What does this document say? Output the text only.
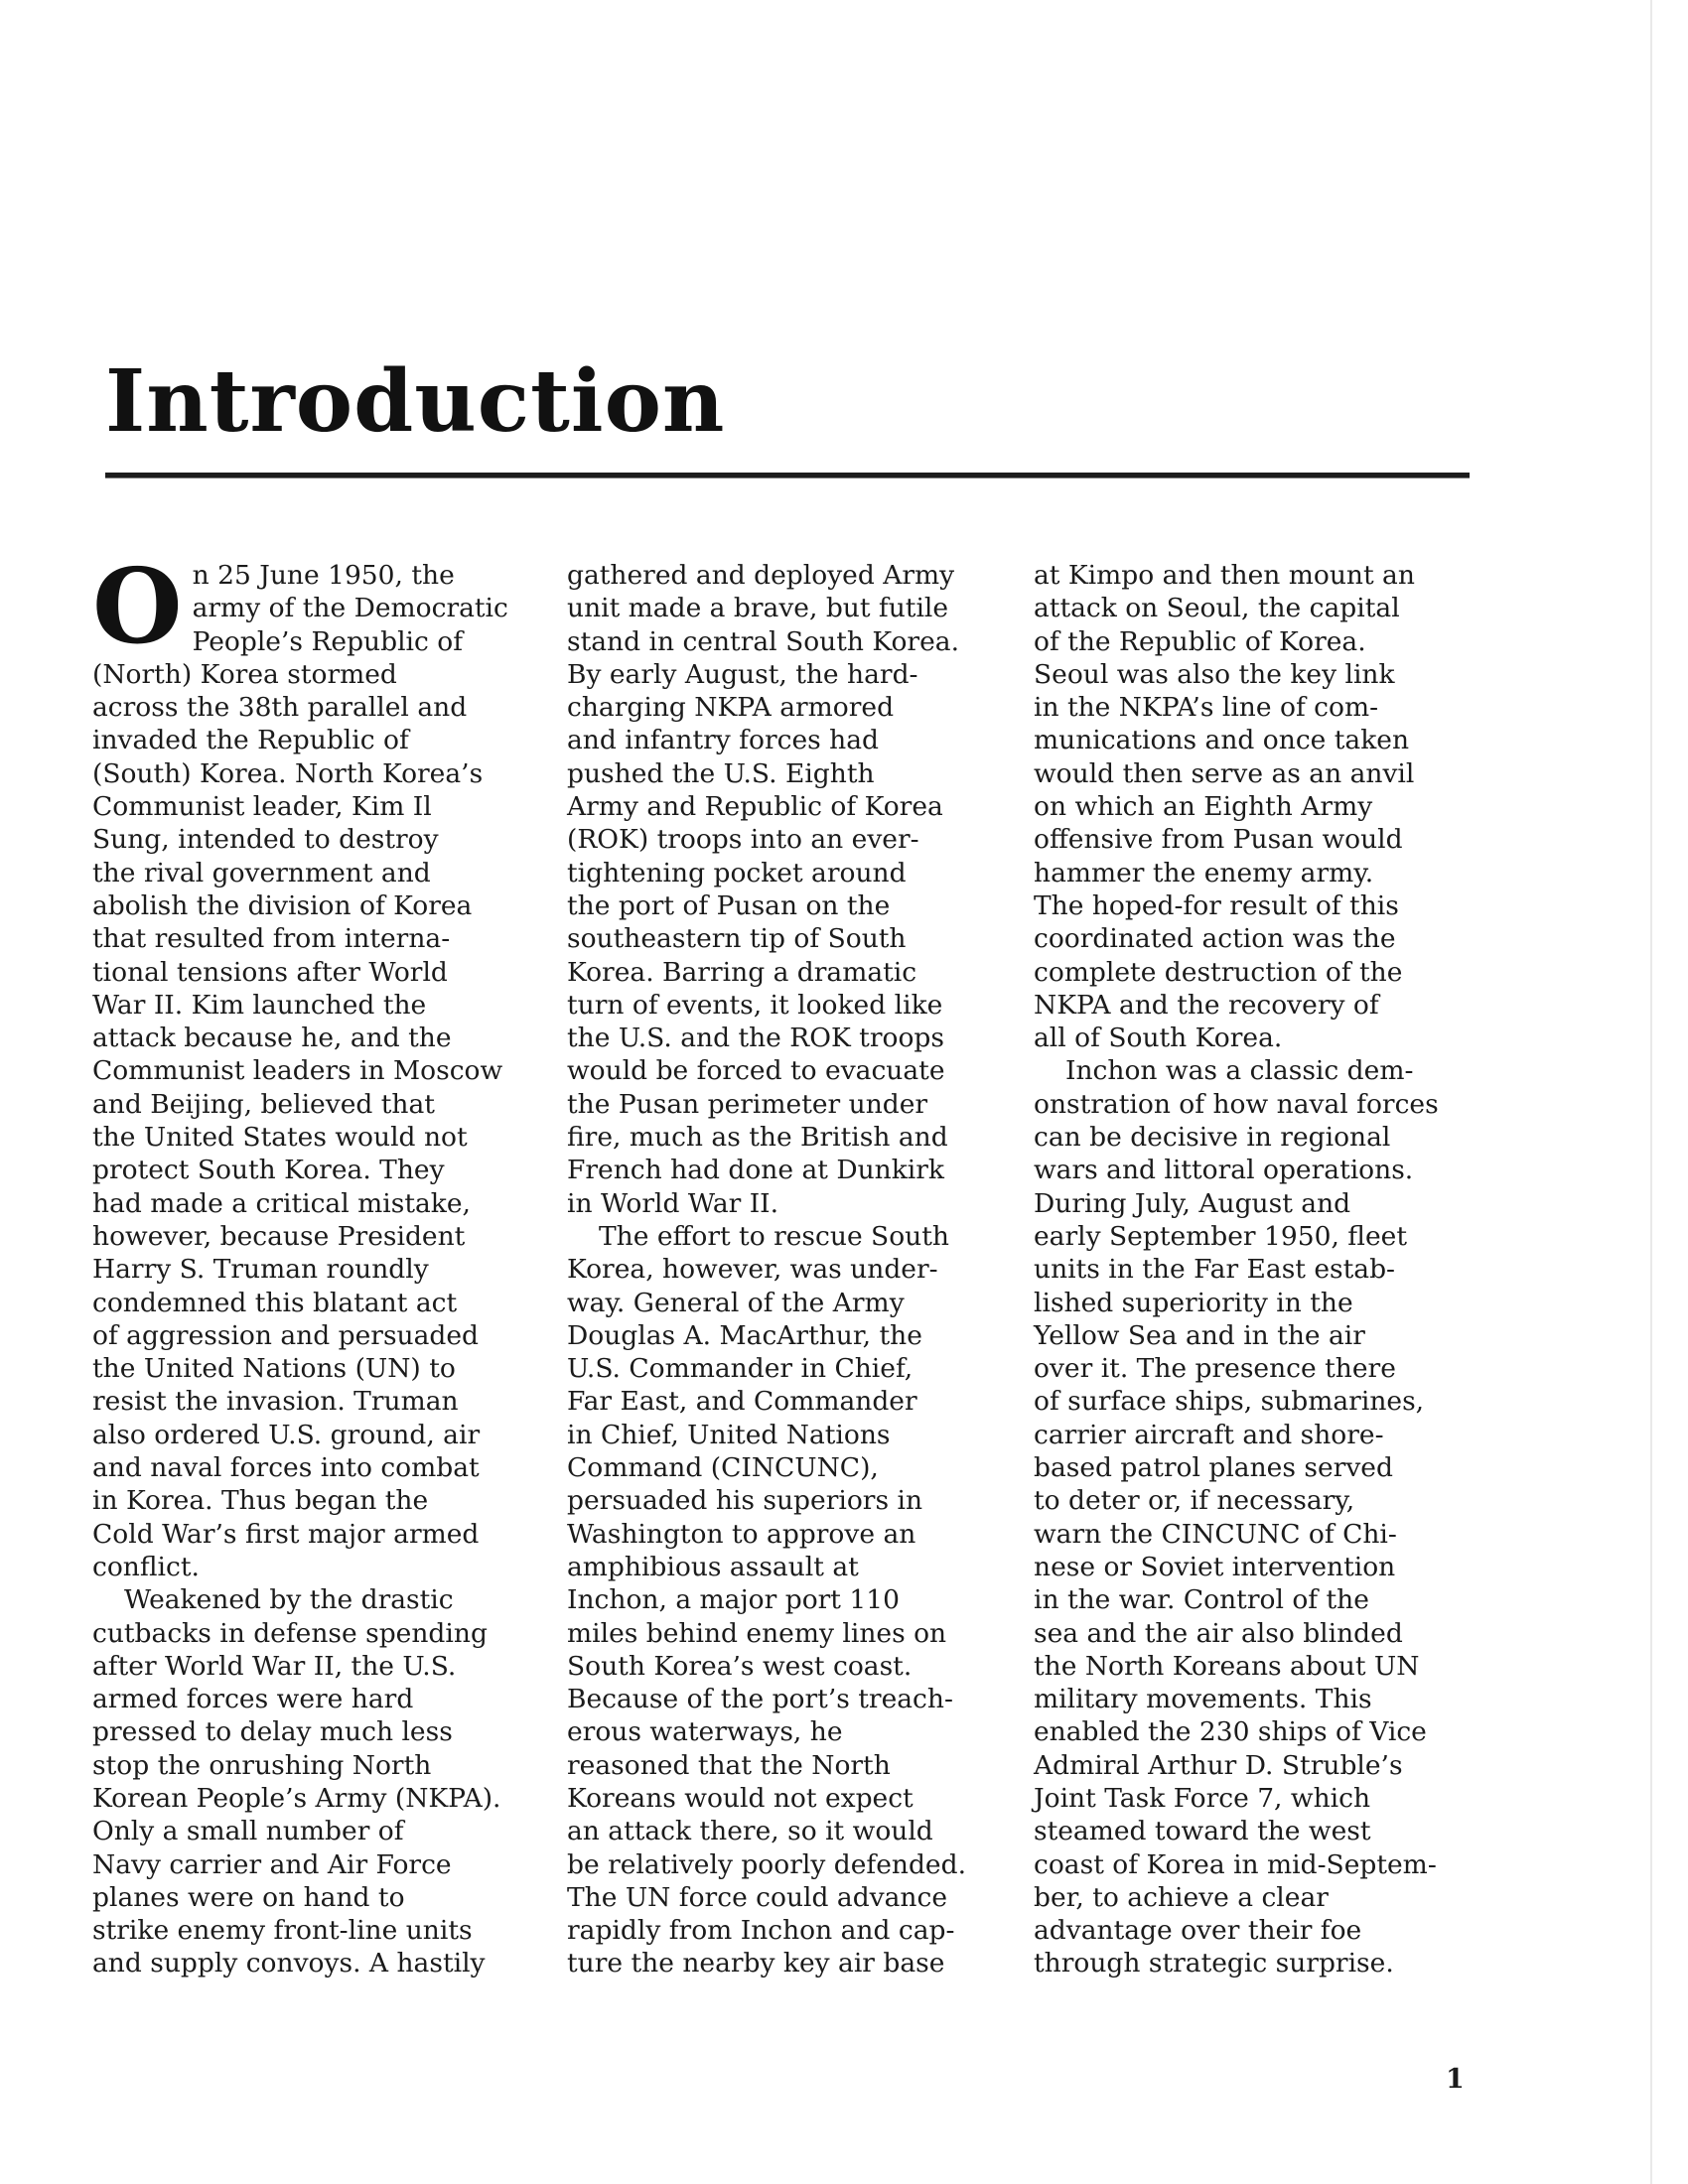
Introduction
O n 25 June 1950, the
army of the Democratic
People’s Republic of
(North) Korea stormed
across the 38th parallel and
invaded the Republic of
(South) Korea. North Korea’s
Communist leader, Kim Il
Sung, intended to destroy
the rival government and
abolish the division of Korea
that resulted from interna-
tional tensions after World
War II. Kim launched the
attack because he, and the
Communist leaders in Moscow
and Beijing, believed that
the United States would not
protect South Korea. They
had made a critical mistake,
however, because President
Harry S. Truman roundly
condemned this blatant act
of aggression and persuaded
the United Nations (UN) to
resist the invasion. Truman
also ordered U.S. ground, air
and naval forces into combat
in Korea. Thus began the
Cold War’s first major armed
conflict.

Weakened by the drastic
cutbacks in defense spending
after World War II, the U.S.
armed forces were hard
pressed to delay much less
stop the onrushing North
Korean People’s Army (NKPA).
Only a small number of
Navy carrier and Air Force
planes were on hand to
strike enemy front-line units
and supply convoys. A hastily

gathered and deployed Army
unit made a brave, but futile
stand in central South Korea.
By early August, the hard-
charging NKPA armored
and infantry forces had
pushed the U.S. Eighth
Army and Republic of Korea
(ROK) troops into an ever-
tightening pocket around
the port of Pusan on the
southeastern tip of South
Korea. Barring a dramatic
turn of events, it looked like
the U.S. and the ROK troops
would be forced to evacuate
the Pusan perimeter under
fire, much as the British and
French had done at Dunkirk
in World War II.

The effort to rescue South
Korea, however, was under-
way. General of the Army
Douglas A. MacArthur, the
U.S. Commander in Chief,
Far East, and Commander
in Chief, United Nations
Command (CINCUNC),
persuaded his superiors in
Washington to approve an
amphibious assault at
Inchon, a major port 110
miles behind enemy lines on
South Korea’s west coast.
Because of the port’s treach-
erous waterways, he
reasoned that the North
Koreans would not expect
an attack there, so it would
be relatively poorly defended.
The UN force could advance
rapidly from Inchon and cap-
ture the nearby key air base

at Kimpo and then mount an
attack on Seoul, the capital
of the Republic of Korea.
Seoul was also the key link
in the NKPA’s line of com-
munications and once taken
would then serve as an anvil
on which an Eighth Army
offensive from Pusan would
hammer the enemy army.
The hoped-for result of this
coordinated action was the
complete destruction of the
NKPA and the recovery of
all of South Korea.

Inchon was a classic dem-
onstration of how naval forces
can be decisive in regional
wars and littoral operations.
During July, August and
early September 1950, fleet
units in the Far East estab-
lished superiority in the
Yellow Sea and in the air
over it. The presence there
of surface ships, submarines,
carrier aircraft and shore-
based patrol planes served
to deter or, if necessary,
warn the CINCUNC of Chi-
nese or Soviet intervention
in the war. Control of the
sea and the air also blinded
the North Koreans about UN
military movements. This
enabled the 230 ships of Vice
Admiral Arthur D. Struble’s
Joint Task Force 7, which
steamed toward the west
coast of Korea in mid-Septem-
ber, to achieve a clear
advantage over their foe
through strategic surprise.

1
